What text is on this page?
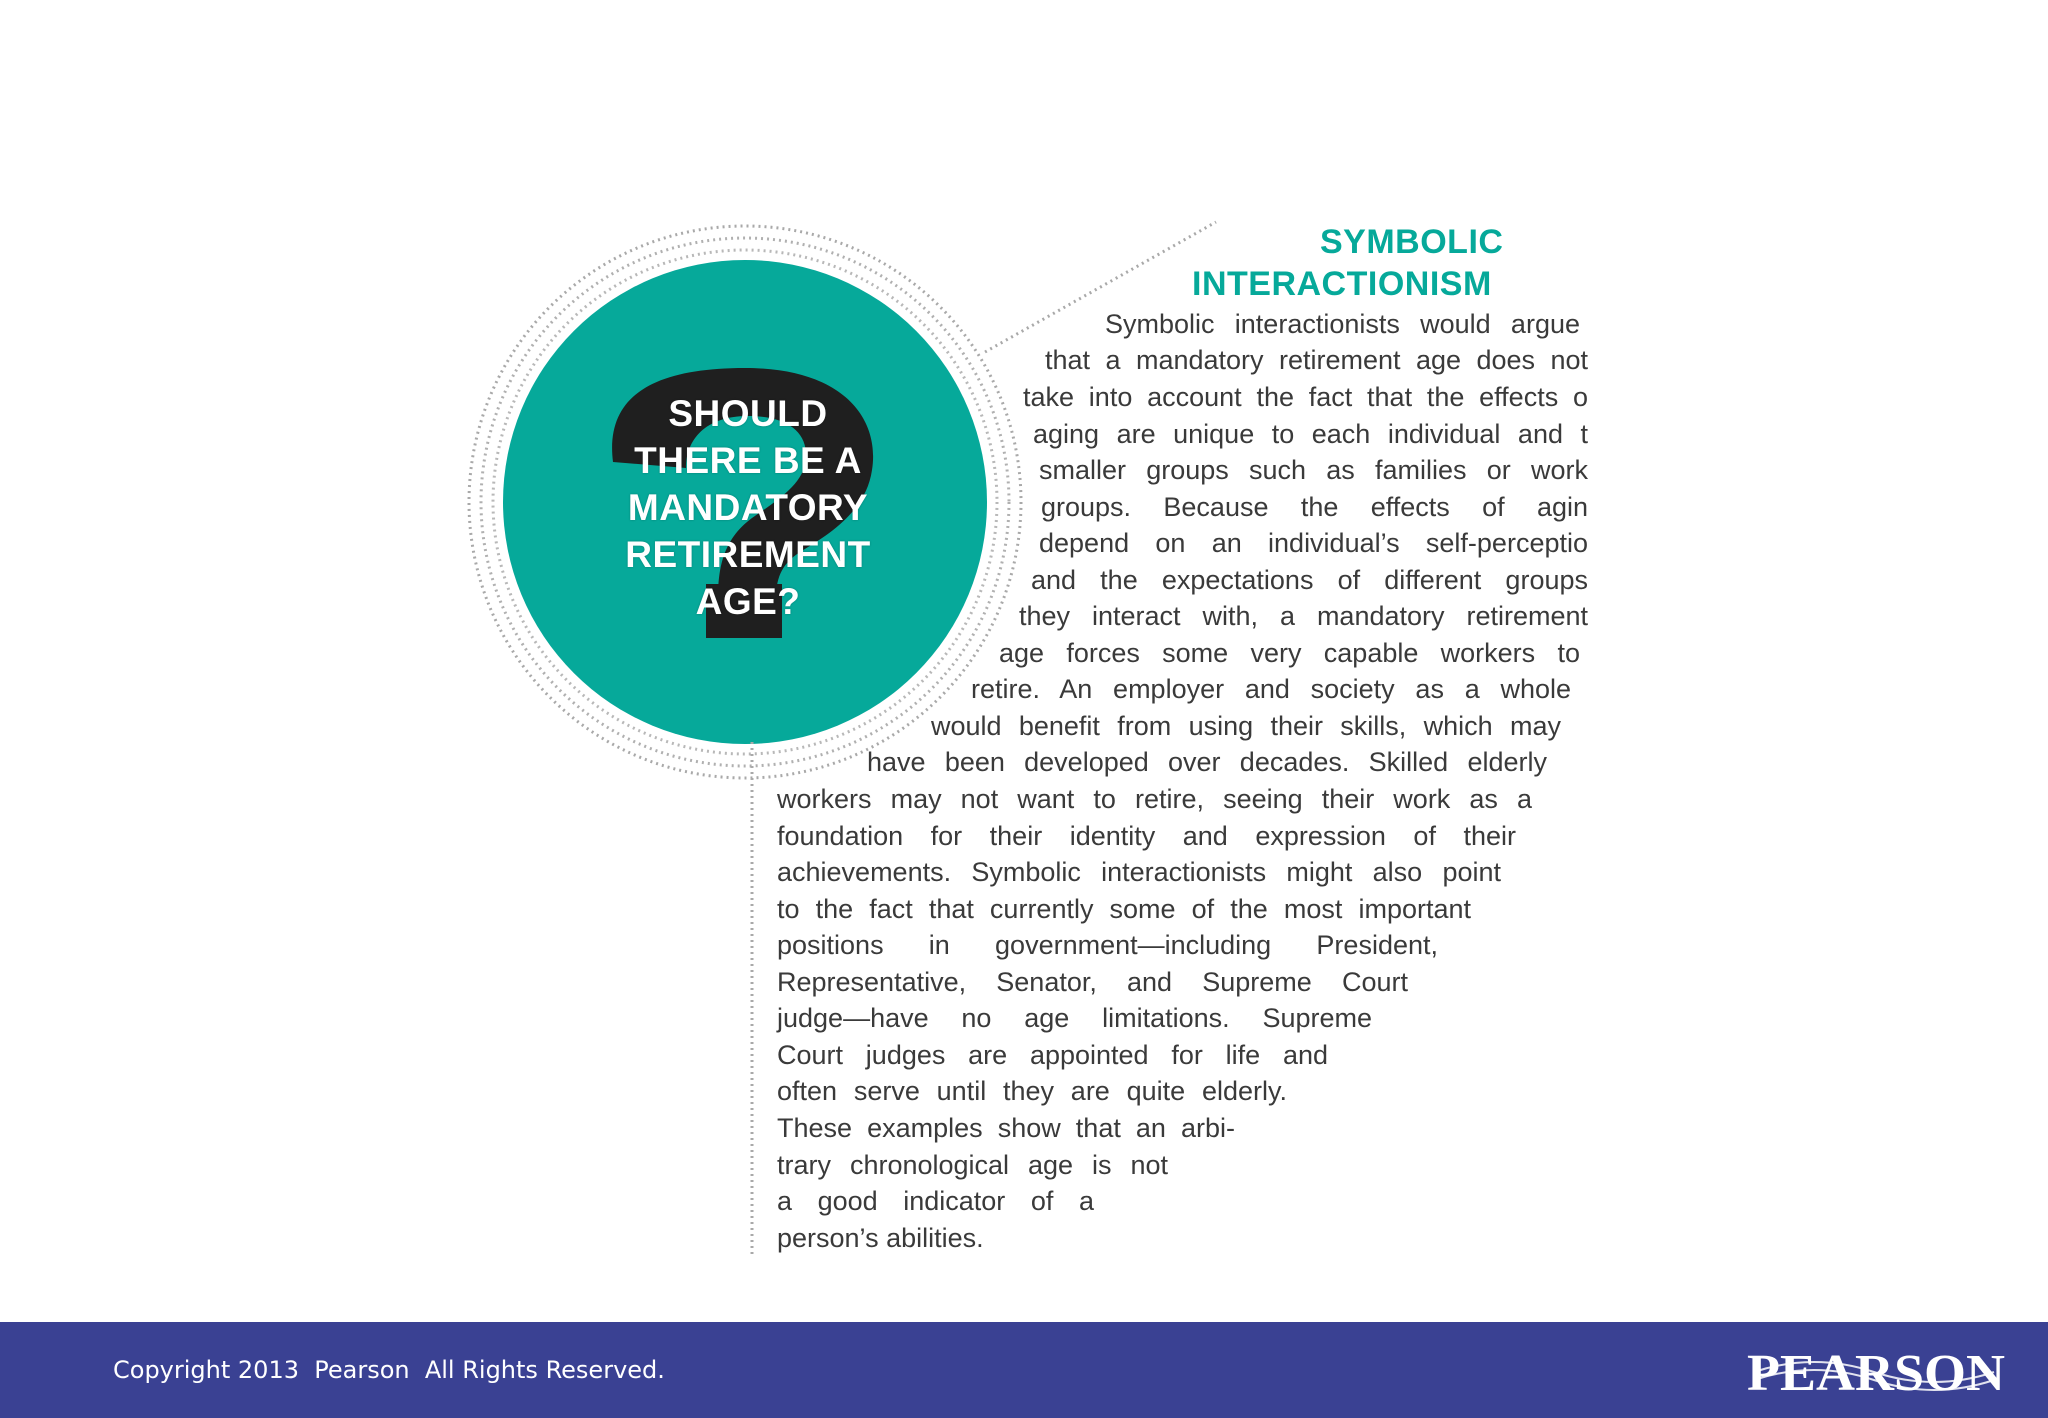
SHOULD

THERE BE A

MANDATORY

RETIREMENT

AGE?

SYMBOLIC

INTERACTIONISM

Symbolic interactionists would argue

that a mandatory retirement age does not

take into account the fact that the effects o

aging are unique to each individual and t

smaller groups such as families or work

groups. Because the effects of agin

depend on an individual’s self-perceptio

and the expectations of different groups

they interact with, a mandatory retirement

age forces some very capable workers to

retire. An employer and society as a whole

would benefit from using their skills, which may

have been developed over decades. Skilled elderly

workers may not want to retire, seeing their work as a

foundation for their identity and expression of their

achievements. Symbolic interactionists might also point

to the fact that currently some of the most important

positions in government—including President,

Representative, Senator, and Supreme Court

judge—have no age limitations. Supreme

Court judges are appointed for life and

often serve until they are quite elderly.

These examples show that an arbi-

trary chronological age is not

a good indicator of a

person’s abilities.

Copyright 2013  Pearson  All Rights Reserved.	PEARSON
